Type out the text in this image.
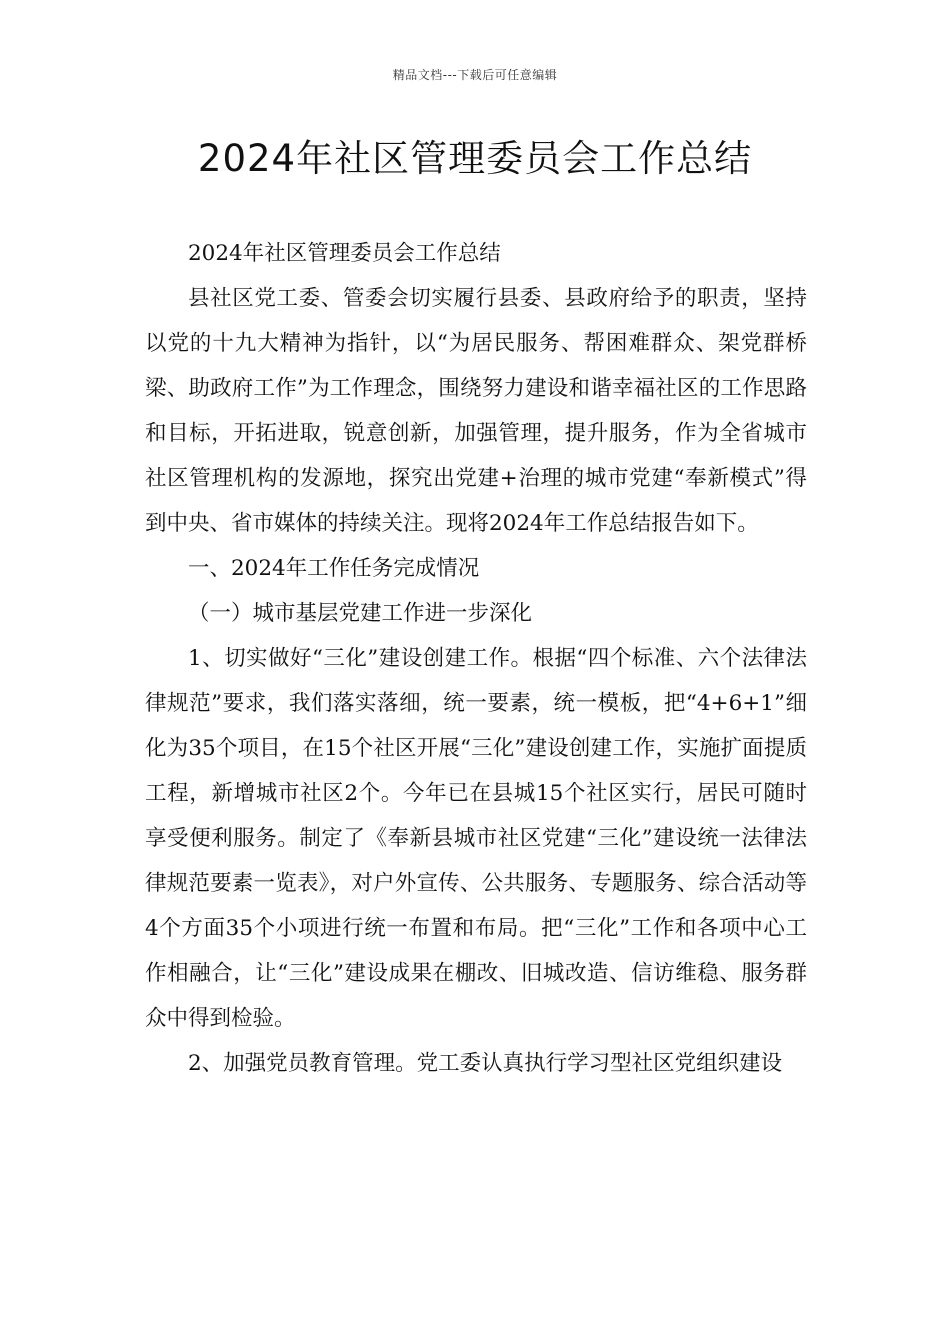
精品文档---下载后可任意编辑
2024年社区管理委员会工作总结

2024年社区管理委员会工作总结

县社区党工委、管委会切实履行县委、县政府给予的职责，坚持以党的十九大精神为指针，以“为居民服务、帮困难群众、架党群桥梁、助政府工作”为工作理念，围绕努力建设和谐幸福社区的工作思路和目标，开拓进取，锐意创新，加强管理，提升服务，作为全省城市社区管理机构的发源地，探究出党建+治理的城市党建“奉新模式”得到中央、省市媒体的持续关注。现将2024年工作总结报告如下。

一、2024年工作任务完成情况

（一）城市基层党建工作进一步深化

1、切实做好“三化”建设创建工作。根据“四个标准、六个法律法律规范”要求，我们落实落细，统一要素，统一模板，把“4+6+1”细化为35个项目，在15个社区开展“三化”建设创建工作，实施扩面提质工程，新增城市社区2个。今年已在县城15个社区实行，居民可随时享受便利服务。制定了《奉新县城市社区党建“三化”建设统一法律法律规范要素一览表》，对户外宣传、公共服务、专题服务、综合活动等4个方面35个小项进行统一布置和布局。把“三化”工作和各项中心工作相融合，让“三化”建设成果在棚改、旧城改造、信访维稳、服务群众中得到检验。

2、加强党员教育管理。党工委认真执行学习型社区党组织建设
